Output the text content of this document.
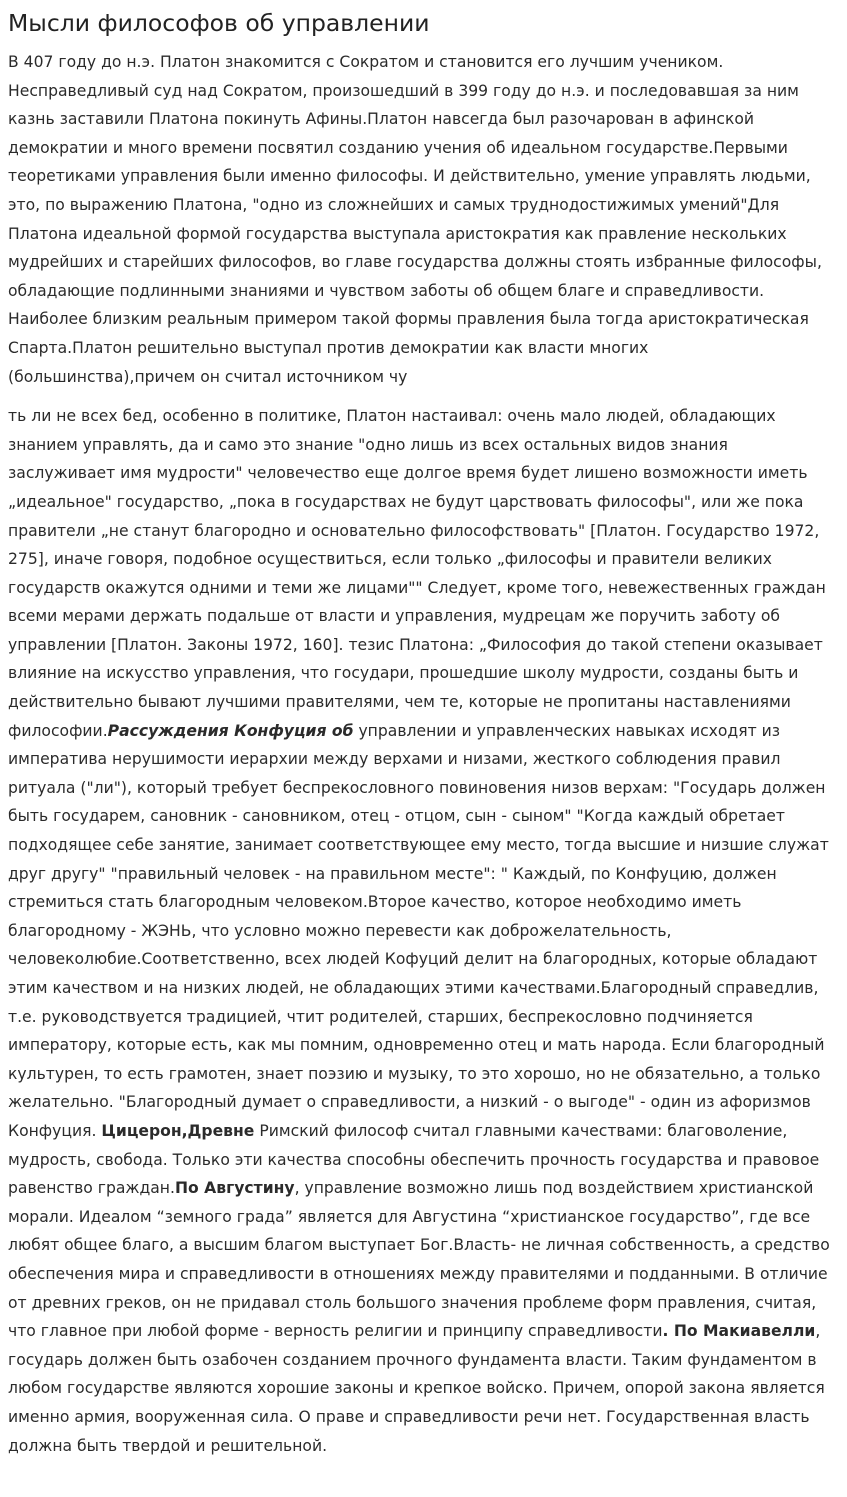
Мысли философов об управлении

В 407 году до н.э. Платон знакомится с Сократом и становится его лучшим учеником. Несправедливый суд над Сократом, произошедший в 399 году до н.э. и последовавшая за ним казнь заставили Платона покинуть Афины.Платон навсегда был разочарован в афинской демократии и много времени посвятил созданию учения об идеальном государстве.Первыми теоретиками управления были именно философы. И действительно, умение управлять людьми, это, по выражению Платона, "одно из сложнейших и самых труднодостижимых умений"Для Платона идеальной формой государства выступала аристократия как правление нескольких мудрейших и старейших философов, во главе государства должны стоять избранные философы, обладающие подлинными знаниями и чувством заботы об общем благе и справедливости. Наиболее близким реальным примером такой формы правления была тогда аристократическая Спарта.Платон решительно выступал против демократии как власти многих (большинства),причем он считал источником чу

ть ли не всех бед, особенно в политике, Платон настаивал: очень мало людей, обладающих знанием управлять, да и само это знание "одно лишь из всех остальных видов знания заслуживает имя мудрости" человечество еще долгое время будет лишено возможности иметь „идеальное" государство, „пока в государствах не будут царствовать философы", или же пока правители „не станут благородно и основательно философствовать" [Платон. Государство 1972, 275], иначе говоря, подобное осуществиться, если только „философы и правители великих государств окажутся одними и теми же лицами"" Следует, кроме того, невежественных граждан всеми мерами держать подальше от власти и управления, мудрецам же поручить заботу об управлении [Платон. Законы 1972, 160]. тезис Платона: „Философия до такой степени оказывает влияние на искусство управления, что государи, прошедшие школу мудрости, созданы быть и действительно бывают лучшими правителями, чем те, которые не пропитаны наставлениями философии.Рассуждения Конфуция об управлении и управленческих навыках исходят из императива нерушимости иерархии между верхами и низами, жесткого соблюдения правил ритуала ("ли"), который требует беспрекословного повиновения низов верхам: "Государь должен быть государем, сановник - сановником, отец - отцом, сын - сыном" "Когда каждый обретает подходящее себе занятие, занимает соответствующее ему место, тогда высшие и низшие служат друг другу" "правильный человек - на правильном месте": " Каждый, по Конфуцию, должен стремиться стать благородным человеком.Второе качество, которое необходимо иметь благородному - ЖЭНЬ, что условно можно перевести как доброжелательность, человеколюбие.Соответственно, всех людей Кофуций делит на благородных, которые обладают этим качеством и на низких людей, не обладающих этими качествами.Благородный справедлив, т.е. руководствуется традицией, чтит родителей, старших, беспрекословно подчиняется императору, которые есть, как мы помним, одновременно отец и мать народа. Если благородный культурен, то есть грамотен, знает поэзию и музыку, то это хорошо, но не обязательно, а только желательно. "Благородный думает о справедливости, а низкий - о выгоде" - один из афоризмов Конфуция. Цицерон,Древне Римский философ считал главными качествами: благоволение, мудрость, свобода. Только эти качества способны обеспечить прочность государства и правовое равенство граждан.По Августину, управление возможно лишь под воздействием христианской морали. Идеалом “земного града” является для Августина “христианское государство”, где все любят общее благо, а высшим благом выступает Бог.Власть- не личная собственность, а средство обеспечения мира и справедливости в отношениях между правителями и подданными. В отличие от древних греков, он не придавал столь большого значения проблеме форм правления, считая, что главное при любой форме - верность религии и принципу справедливости. По Макиавелли, государь должен быть озабочен созданием прочного фундамента власти. Таким фундаментом в любом государстве являются хорошие законы и крепкое войско. Причем, опорой закона является именно армия, вооруженная сила. О праве и справедливости речи нет. Государственная власть должна быть твердой и решительной.
